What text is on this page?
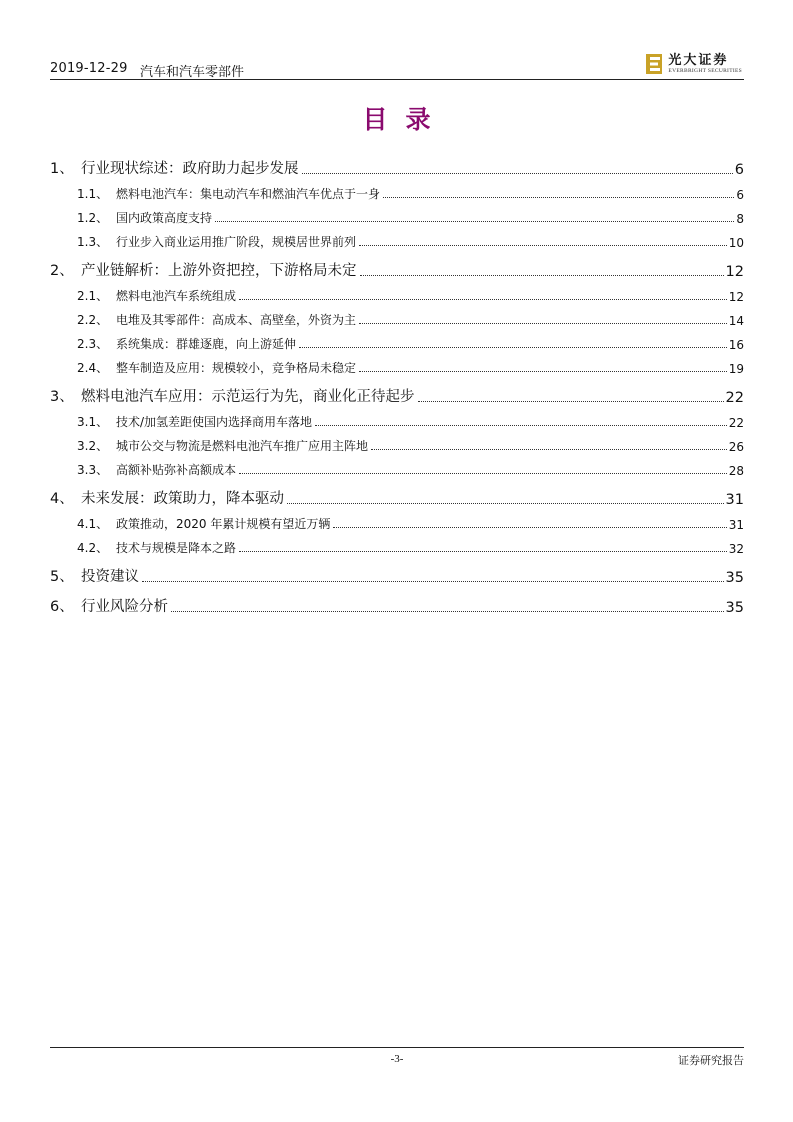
2019-12-29 汽车和汽车零部件
光大证券
EVERBRIGHT SECURITIES
目录
1、 行业现状综述：政府助力起步发展	6
1.1、 燃料电池汽车：集电动汽车和燃油汽车优点于一身	6
1.2、 国内政策高度支持	8
1.3、 行业步入商业运用推广阶段，规模居世界前列	10
2、 产业链解析：上游外资把控，下游格局未定	12
2.1、 燃料电池汽车系统组成	12
2.2、 电堆及其零部件：高成本、高壁垒，外资为主	14
2.3、 系统集成：群雄逐鹿，向上游延伸	16
2.4、 整车制造及应用：规模较小，竞争格局未稳定	19
3、 燃料电池汽车应用：示范运行为先，商业化正待起步	22
3.1、 技术/加氢差距使国内选择商用车落地	22
3.2、 城市公交与物流是燃料电池汽车推广应用主阵地	26
3.3、 高额补贴弥补高额成本	28
4、 未来发展：政策助力，降本驱动	31
4.1、 政策推动，2020 年累计规模有望近万辆	31
4.2、 技术与规模是降本之路	32
5、 投资建议	35
6、 行业风险分析	35
-3-	证券研究报告
